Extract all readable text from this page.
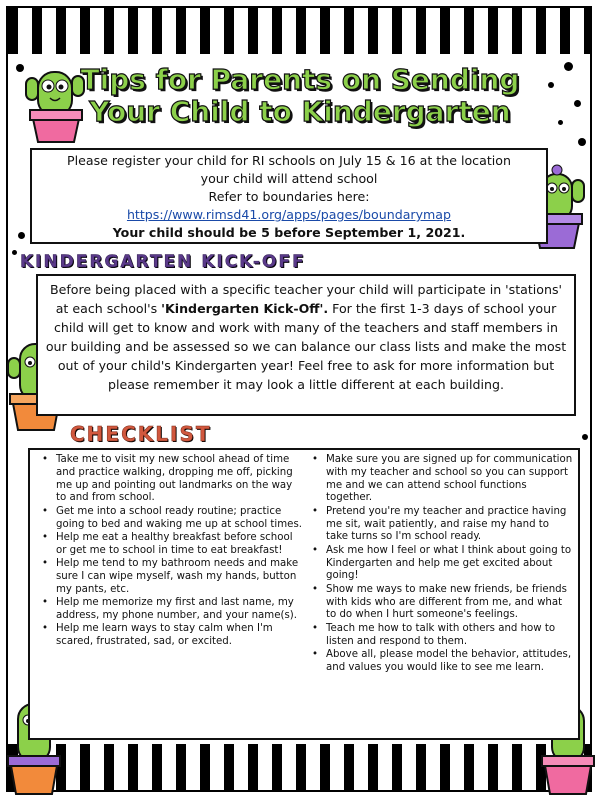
Tips for Parents on Sending
Your Child to Kindergarten
Please register your child for RI schools on July 15 & 16 at the location
your child will attend school
Refer to boundaries here:
https://www.rimsd41.org/apps/pages/boundarymap
Your child should be 5 before September 1, 2021.
KINDERGARTEN KICK-OFF
Before being placed with a specific teacher your child will participate in 'stations' at each school's 'Kindergarten Kick-Off'. For the first 1-3 days of school your child will get to know and work with many of the teachers and staff members in our building and be assessed so we can balance our class lists and make the most out of your child's Kindergarten year! Feel free to ask for more information but please remember it may look a little different at each building.
CHECKLIST
• Take me to visit my new school ahead of time and practice walking, dropping me off, picking me up and pointing out landmarks on the way to and from school.
• Get me into a school ready routine; practice going to bed and waking me up at school times.
• Help me eat a healthy breakfast before school or get me to school in time to eat breakfast!
• Help me tend to my bathroom needs and make sure I can wipe myself, wash my hands, button my pants, etc.
• Help me memorize my first and last name, my address, my phone number, and your name(s).
• Help me learn ways to stay calm when I'm scared, frustrated, sad, or excited.
• Make sure you are signed up for communication with my teacher and school so you can support me and we can attend school functions together.
• Pretend you're my teacher and practice having me sit, wait patiently, and raise my hand to take turns so I'm school ready.
• Ask me how I feel or what I think about going to Kindergarten and help me get excited about going!
• Show me ways to make new friends, be friends with kids who are different from me, and what to do when I hurt someone's feelings.
• Teach me how to talk with others and how to listen and respond to them.
• Above all, please model the behavior, attitudes, and values you would like to see me learn.
